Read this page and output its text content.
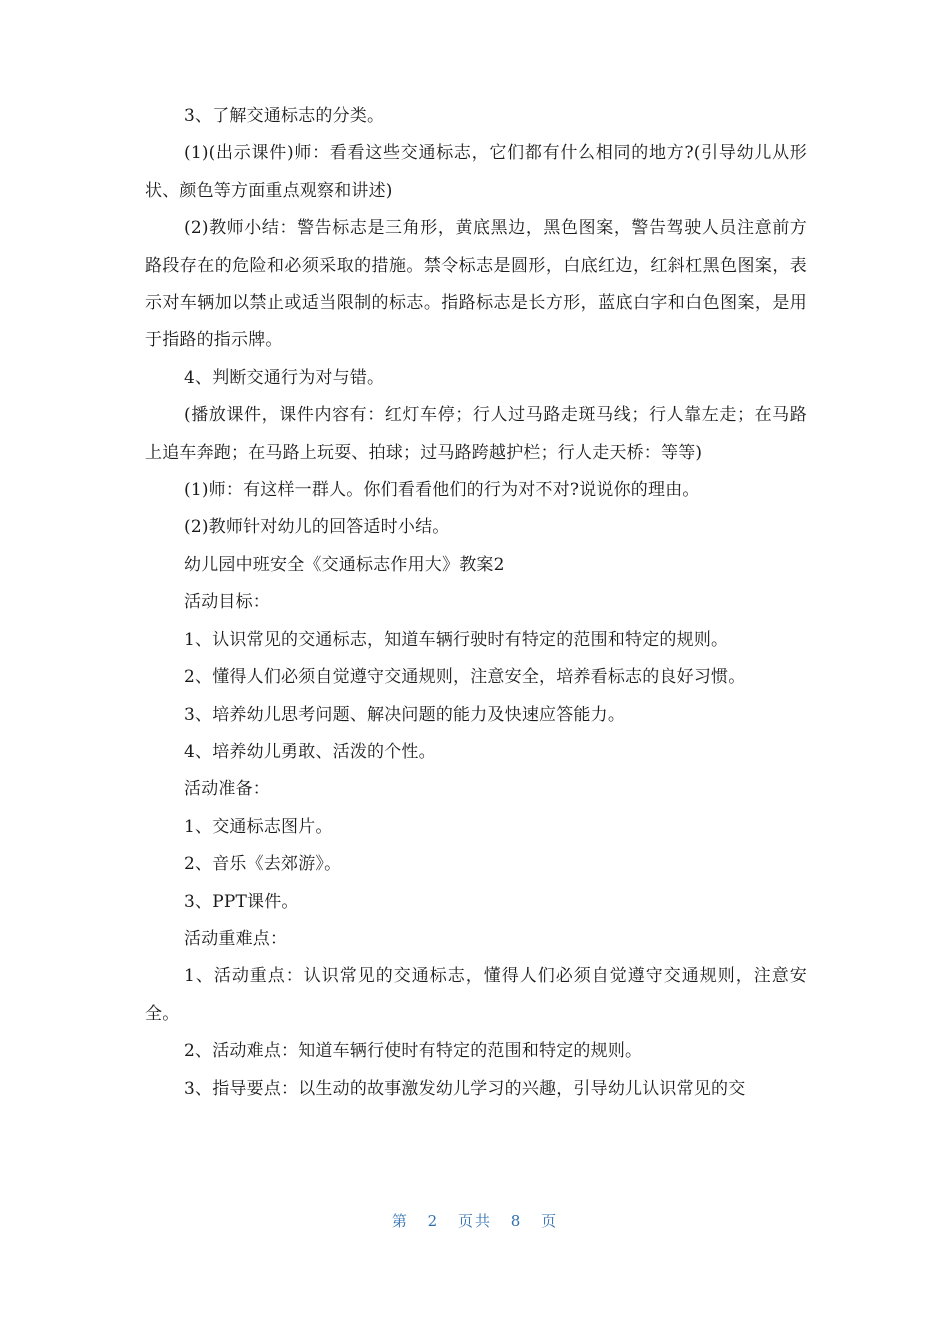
3、了解交通标志的分类。

(1)(出示课件)师：看看这些交通标志，它们都有什么相同的地方?(引导幼儿从形状、颜色等方面重点观察和讲述)

(2)教师小结：警告标志是三角形，黄底黑边，黑色图案，警告驾驶人员注意前方路段存在的危险和必须采取的措施。禁令标志是圆形，白底红边，红斜杠黑色图案，表示对车辆加以禁止或适当限制的标志。指路标志是长方形，蓝底白字和白色图案，是用于指路的指示牌。

4、判断交通行为对与错。

(播放课件，课件内容有：红灯车停；行人过马路走斑马线；行人靠左走；在马路上追车奔跑；在马路上玩耍、拍球；过马路跨越护栏；行人走天桥：等等)

(1)师：有这样一群人。你们看看他们的行为对不对?说说你的理由。

(2)教师针对幼儿的回答适时小结。

幼儿园中班安全《交通标志作用大》教案2

活动目标：

1、认识常见的交通标志，知道车辆行驶时有特定的范围和特定的规则。

2、懂得人们必须自觉遵守交通规则，注意安全，培养看标志的良好习惯。

3、培养幼儿思考问题、解决问题的能力及快速应答能力。

4、培养幼儿勇敢、活泼的个性。

活动准备：

1、交通标志图片。

2、音乐《去郊游》。

3、PPT课件。

活动重难点：

1、活动重点：认识常见的交通标志，懂得人们必须自觉遵守交通规则，注意安全。

2、活动难点：知道车辆行使时有特定的范围和特定的规则。

3、指导要点：以生动的故事激发幼儿学习的兴趣，引导幼儿认识常见的交

第 2 页共 8 页
